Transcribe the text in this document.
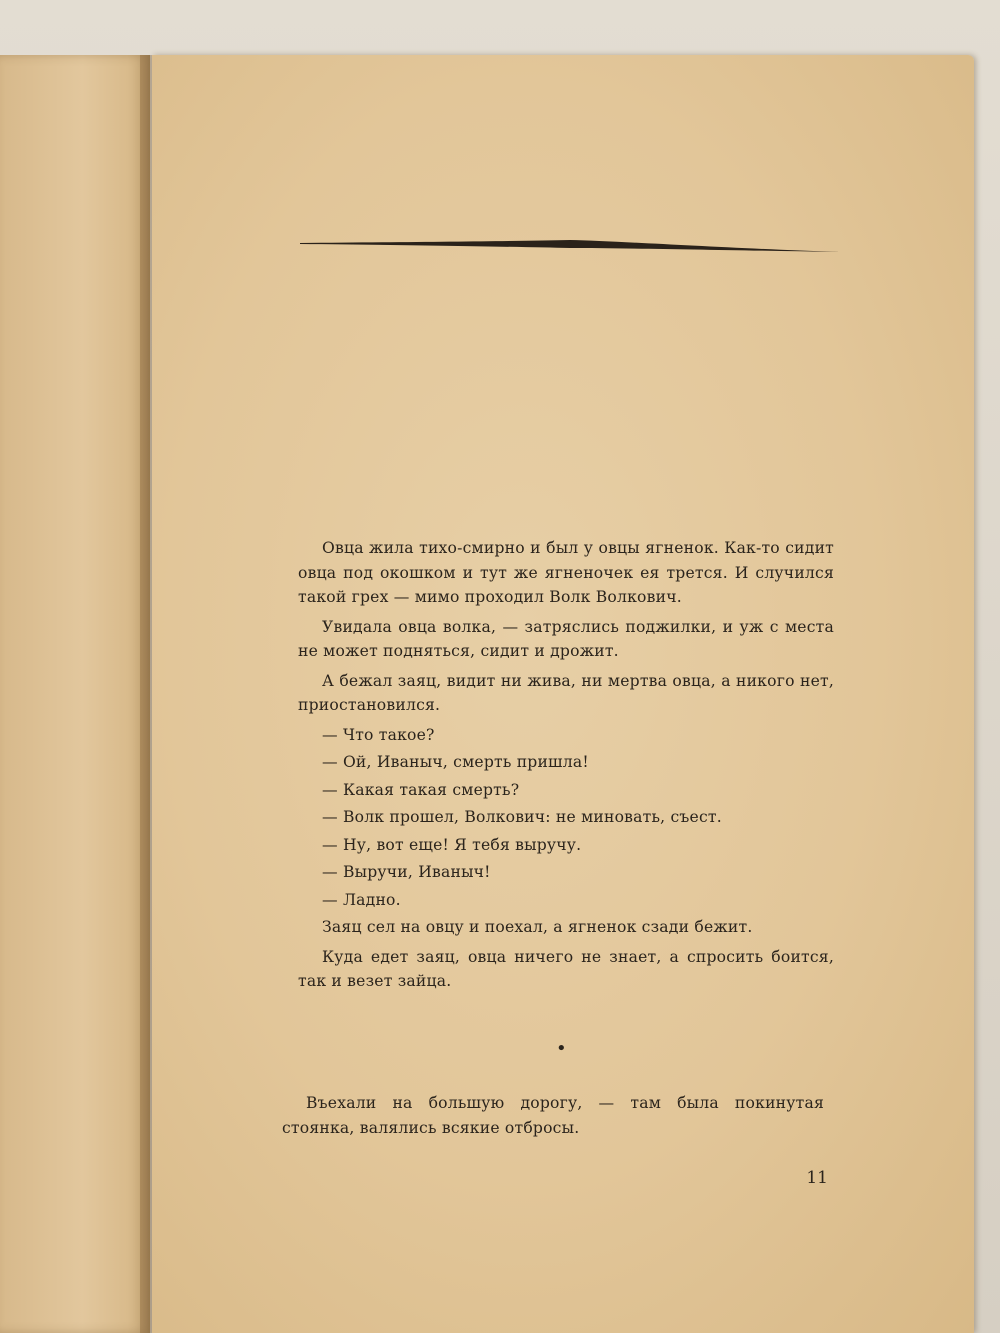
Овца жила тихо-смирно и был у овцы ягненок. Как-то сидит овца под окошком и тут же ягненочек ея трется. И случился такой грех — мимо проходил Волк Волкович.

Увидала овца волка, — затряслись поджилки, и уж с места не может подняться, сидит и дрожит.

А бежал заяц, видит ни жива, ни мертва овца, а никого нет, приостановился.

— Что такое?

— Ой, Иваныч, смерть пришла!

— Какая такая смерть?

— Волк прошел, Волкович: не миновать, съест.

— Ну, вот еще! Я тебя выручу.

— Выручи, Иваныч!

— Ладно.

Заяц сел на овцу и поехал, а ягненок сзади бежит.

Куда едет заяц, овца ничего не знает, а спросить боится, так и везет зайца.

•

Въехали на большую дорогу, — там была покинутая стоянка, валялись всякие отбросы.

11
